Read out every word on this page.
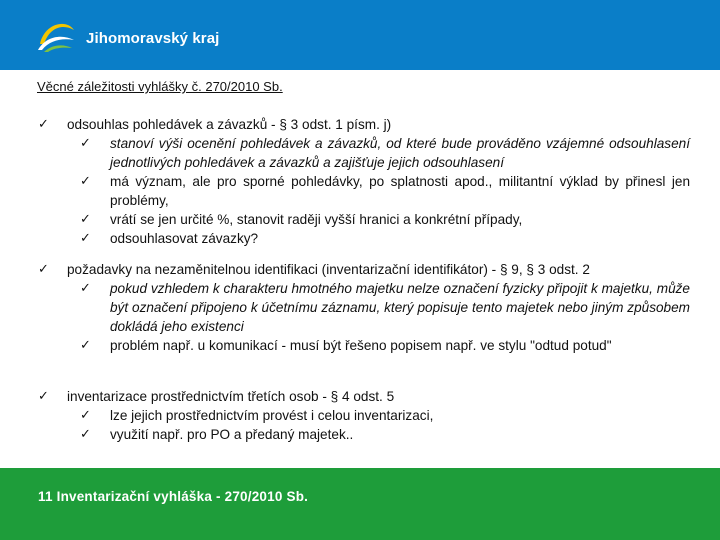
Jihomoravský kraj
Věcné záležitosti vyhlášky č. 270/2010 Sb.
✓ odsouhlas pohledávek a závazků - § 3 odst. 1 písm. j)
✓ stanoví výši ocenění pohledávek a závazků, od které bude prováděno vzájemné odsouhlasení jednotlivých pohledávek a závazků a zajišťuje jejich odsouhlasení
✓ má význam, ale pro sporné pohledávky, po splatnosti apod., militantní výklad by přinesl jen problémy,
✓ vrátí se jen určité %, stanovit raději vyšší hranici a konkrétní případy,
✓ odsouhlasovat závazky?
✓ požadavky na nezaměnitelnou identifikaci (inventarizační identifikátor) - § 9, § 3 odst. 2
✓ pokud vzhledem k charakteru hmotného majetku nelze označení fyzicky připojit k majetku, může být označení připojeno k účetnímu záznamu, který popisuje tento majetek nebo jiným způsobem dokládá jeho existenci
✓ problém např. u komunikací - musí být řešeno popisem např. ve stylu "odtud potud"
✓ inventarizace prostřednictvím třetích osob - § 4 odst. 5
✓ lze jejich prostřednictvím provést i celou inventarizaci,
✓ využití např. pro PO a předaný majetek..
11 Inventarizační vyhláška - 270/2010 Sb.
